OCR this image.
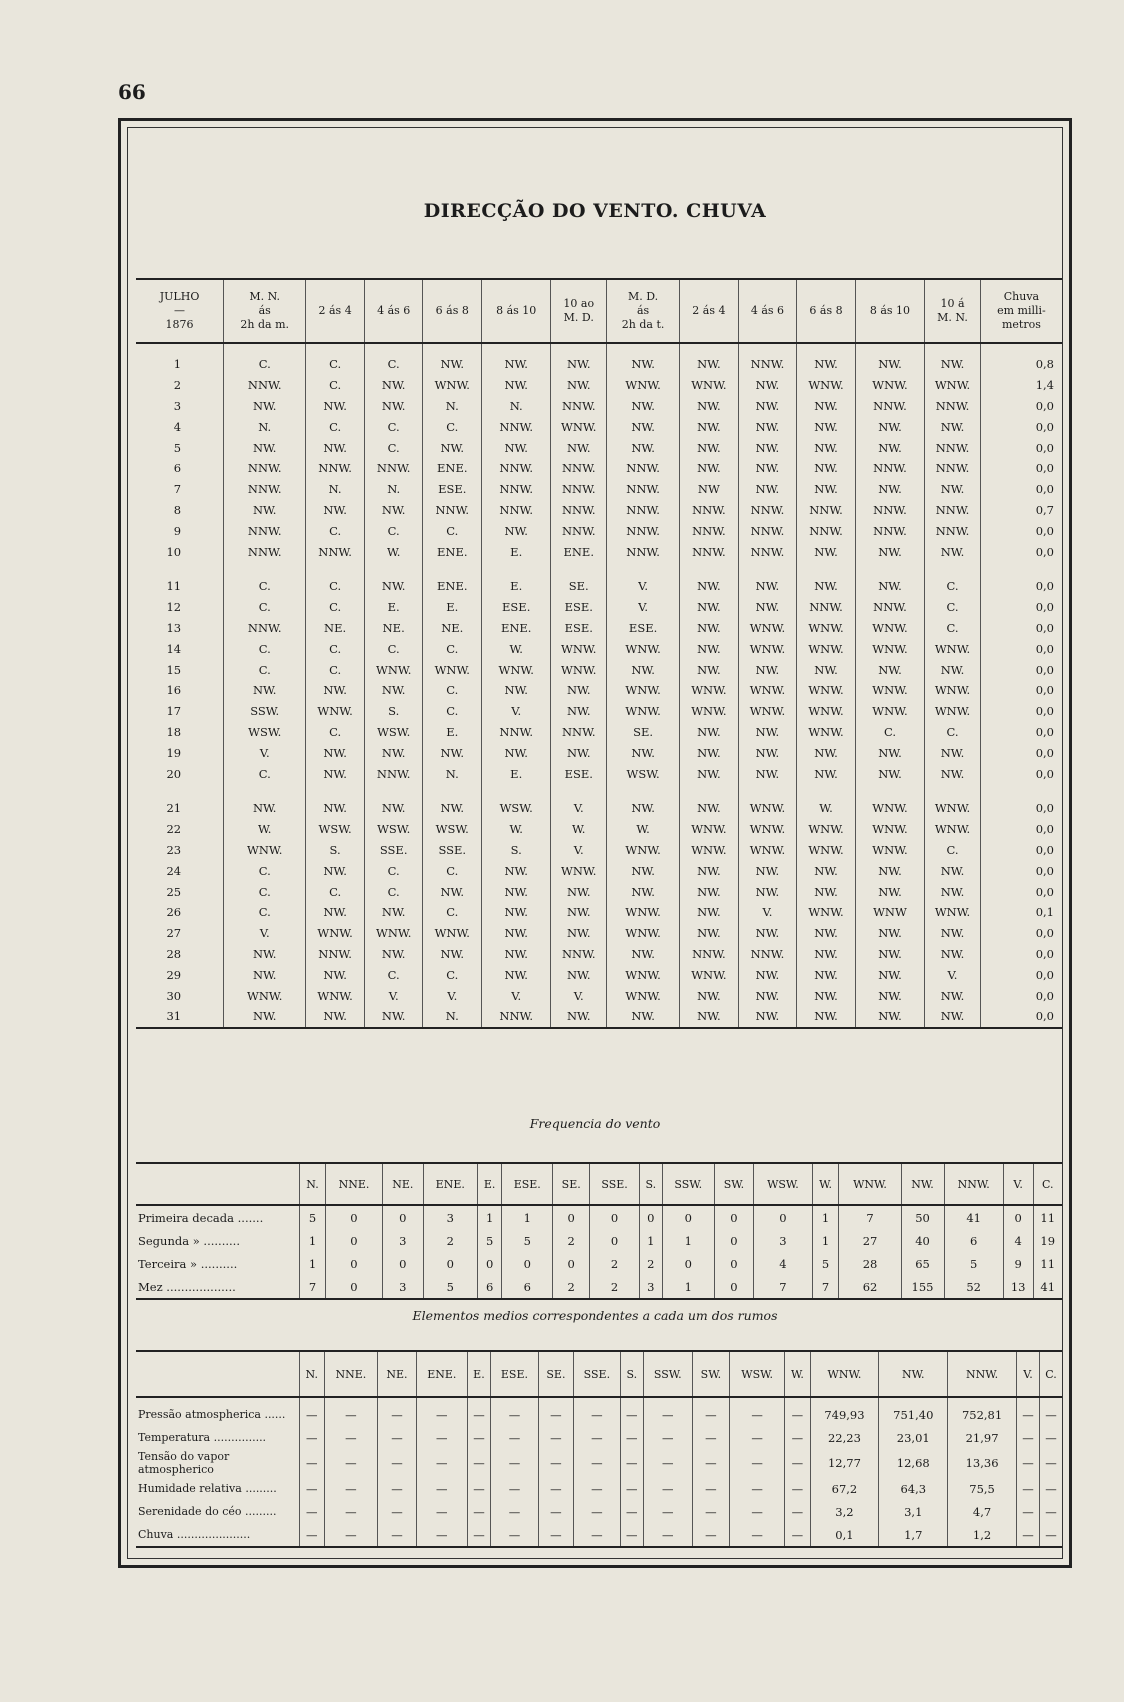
66
DIRECÇÃO DO VENTO. CHUVA
JULHO
—
1876	M. N.
ás
2h da m.	2 ás 4	4 ás 6	6 ás 8	8 ás 10	10 ao
M. D.	M. D.
ás
2h da t.	2 ás 4	4 ás 6	6 ás 8	8 ás 10	10 á
M. N.	Chuva
em milli-
metros
1	C.	C.	C.	NW.	NW.	NW.	NW.	NW.	NNW.	NW.	NW.	NW.	0,8
2	NNW.	C.	NW.	WNW.	NW.	NW.	WNW.	WNW.	NW.	WNW.	WNW.	WNW.	1,4
3	NW.	NW.	NW.	N.	N.	NNW.	NW.	NW.	NW.	NW.	NNW.	NNW.	0,0
4	N.	C.	C.	C.	NNW.	WNW.	NW.	NW.	NW.	NW.	NW.	NW.	0,0
5	NW.	NW.	C.	NW.	NW.	NW.	NW.	NW.	NW.	NW.	NW.	NNW.	0,0
6	NNW.	NNW.	NNW.	ENE.	NNW.	NNW.	NNW.	NW.	NW.	NW.	NNW.	NNW.	0,0
7	NNW.	N.	N.	ESE.	NNW.	NNW.	NNW.	NW	NW.	NW.	NW.	NW.	0,0
8	NW.	NW.	NW.	NNW.	NNW.	NNW.	NNW.	NNW.	NNW.	NNW.	NNW.	NNW.	0,7
9	NNW.	C.	C.	C.	NW.	NNW.	NNW.	NNW.	NNW.	NNW.	NNW.	NNW.	0,0
10	NNW.	NNW.	W.	ENE.	E.	ENE.	NNW.	NNW.	NNW.	NW.	NW.	NW.	0,0
11	C.	C.	NW.	ENE.	E.	SE.	V.	NW.	NW.	NW.	NW.	C.	0,0
12	C.	C.	E.	E.	ESE.	ESE.	V.	NW.	NW.	NNW.	NNW.	C.	0,0
13	NNW.	NE.	NE.	NE.	ENE.	ESE.	ESE.	NW.	WNW.	WNW.	WNW.	C.	0,0
14	C.	C.	C.	C.	W.	WNW.	WNW.	NW.	WNW.	WNW.	WNW.	WNW.	0,0
15	C.	C.	WNW.	WNW.	WNW.	WNW.	NW.	NW.	NW.	NW.	NW.	NW.	0,0
16	NW.	NW.	NW.	C.	NW.	NW.	WNW.	WNW.	WNW.	WNW.	WNW.	WNW.	0,0
17	SSW.	WNW.	S.	C.	V.	NW.	WNW.	WNW.	WNW.	WNW.	WNW.	WNW.	0,0
18	WSW.	C.	WSW.	E.	NNW.	NNW.	SE.	NW.	NW.	WNW.	C.	C.	0,0
19	V.	NW.	NW.	NW.	NW.	NW.	NW.	NW.	NW.	NW.	NW.	NW.	0,0
20	C.	NW.	NNW.	N.	E.	ESE.	WSW.	NW.	NW.	NW.	NW.	NW.	0,0
21	NW.	NW.	NW.	NW.	WSW.	V.	NW.	NW.	WNW.	W.	WNW.	WNW.	0,0
22	W.	WSW.	WSW.	WSW.	W.	W.	W.	WNW.	WNW.	WNW.	WNW.	WNW.	0,0
23	WNW.	S.	SSE.	SSE.	S.	V.	WNW.	WNW.	WNW.	WNW.	WNW.	C.	0,0
24	C.	NW.	C.	C.	NW.	WNW.	NW.	NW.	NW.	NW.	NW.	NW.	0,0
25	C.	C.	C.	NW.	NW.	NW.	NW.	NW.	NW.	NW.	NW.	NW.	0,0
26	C.	NW.	NW.	C.	NW.	NW.	WNW.	NW.	V.	WNW.	WNW	WNW.	0,1
27	V.	WNW.	WNW.	WNW.	NW.	NW.	WNW.	NW.	NW.	NW.	NW.	NW.	0,0
28	NW.	NNW.	NW.	NW.	NW.	NNW.	NW.	NNW.	NNW.	NW.	NW.	NW.	0,0
29	NW.	NW.	C.	C.	NW.	NW.	WNW.	WNW.	NW.	NW.	NW.	V.	0,0
30	WNW.	WNW.	V.	V.	V.	V.	WNW.	NW.	NW.	NW.	NW.	NW.	0,0
31	NW.	NW.	NW.	N.	NNW.	NW.	NW.	NW.	NW.	NW.	NW.	NW.	0,0
Frequencia do vento
	N.	NNE.	NE.	ENE.	E.	ESE.	SE.	SSE.	S.	SSW.	SW.	WSW.	W.	WNW.	NW.	NNW.	V.	C.
Primeira decada .......	5	0	0	3	1	1	0	0	0	0	0	0	1	7	50	41	0	11
Segunda » ..........	1	0	3	2	5	5	2	0	1	1	0	3	1	27	40	6	4	19
Terceira » ..........	1	0	0	0	0	0	0	2	2	0	0	4	5	28	65	5	9	11
Mez ...................	7	0	3	5	6	6	2	2	3	1	0	7	7	62	155	52	13	41
Elementos medios correspondentes a cada um dos rumos
	N.	NNE.	NE.	ENE.	E.	ESE.	SE.	SSE.	S.	SSW.	SW.	WSW.	W.	WNW.	NW.	NNW.	V.	C.
Pressão atmospherica ......	—	—	—	—	—	—	—	—	—	—	—	—	—	749,93	751,40	752,81	—	—
Temperatura ...............	—	—	—	—	—	—	—	—	—	—	—	—	—	22,23	23,01	21,97	—	—
Tensão do vapor atmospherico	—	—	—	—	—	—	—	—	—	—	—	—	—	12,77	12,68	13,36	—	—
Humidade relativa .........	—	—	—	—	—	—	—	—	—	—	—	—	—	67,2	64,3	75,5	—	—
Serenidade do céo .........	—	—	—	—	—	—	—	—	—	—	—	—	—	3,2	3,1	4,7	—	—
Chuva .....................	—	—	—	—	—	—	—	—	—	—	—	—	—	0,1	1,7	1,2	—	—
